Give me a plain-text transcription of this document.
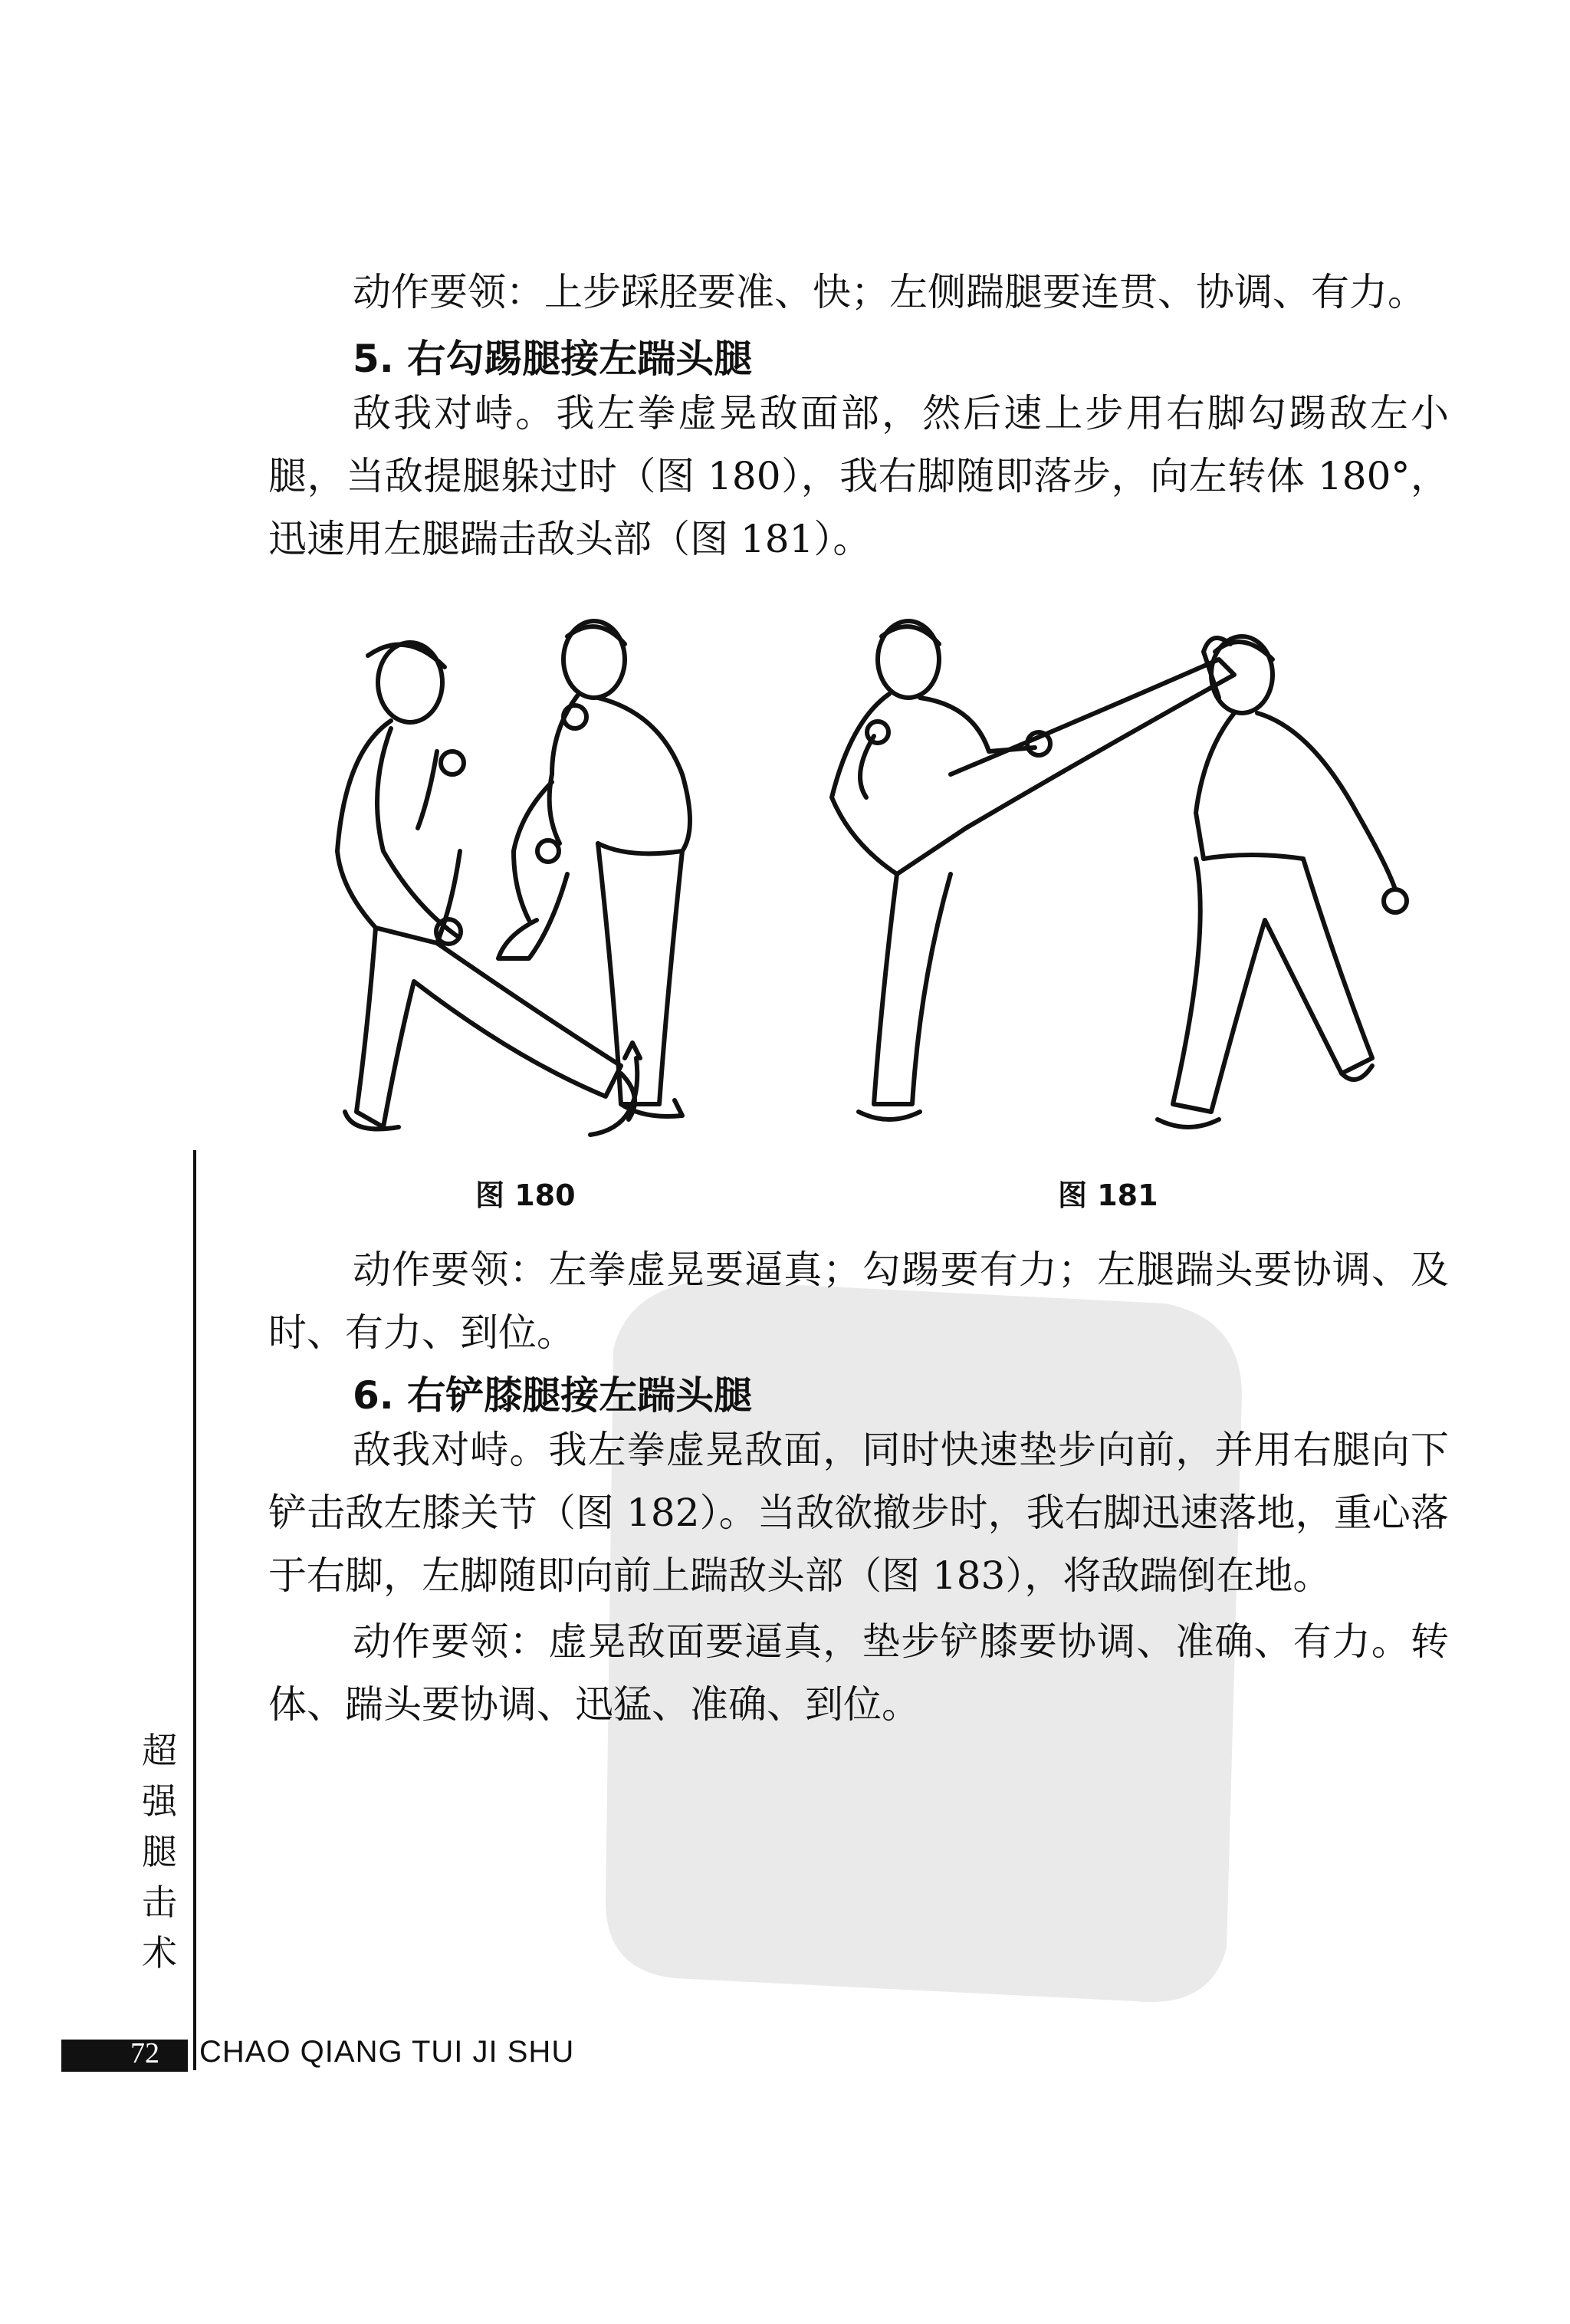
动作要领：上步踩胫要准、快；左侧踹腿要连贯、协调、有力。

5. 右勾踢腿接左踹头腿

敌我对峙。我左拳虚晃敌面部，然后速上步用右脚勾踢敌左小腿，当敌提腿躲过时（图 180），我右脚随即落步，向左转体 180°，迅速用左腿踹击敌头部（图 181）。

图 180	图 181

动作要领：左拳虚晃要逼真；勾踢要有力；左腿踹头要协调、及时、有力、到位。

6. 右铲膝腿接左踹头腿

敌我对峙。我左拳虚晃敌面，同时快速垫步向前，并用右腿向下铲击敌左膝关节（图 182）。当敌欲撤步时，我右脚迅速落地，重心落于右脚，左脚随即向前上踹敌头部（图 183），将敌踹倒在地。

动作要领：虚晃敌面要逼真，垫步铲膝要协调、准确、有力。转体、踹头要协调、迅猛、准确、到位。

超
强
腿
击
术
72 CHAO QIANG TUI JI SHU
